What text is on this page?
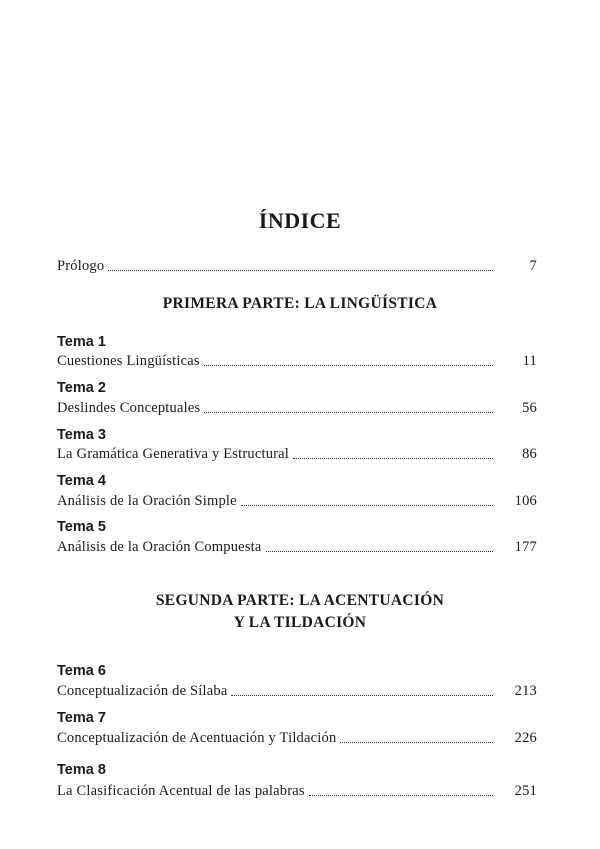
ÍNDICE
Prólogo	7
PRIMERA PARTE: LA LINGÜÍSTICA
Tema 1
Cuestiones Lingüísticas	11
Tema 2
Deslindes Conceptuales	56
Tema 3
La Gramática Generativa y Estructural	86
Tema 4
Análisis de la Oración Simple	106
Tema 5
Análisis de la Oración Compuesta	177
SEGUNDA PARTE: LA ACENTUACIÓN
Y LA TILDACIÓN
Tema 6
Conceptualización de Sílaba	213
Tema 7
Conceptualización de Acentuación y Tildación	226
Tema 8
La Clasificación Acentual de las palabras	251
